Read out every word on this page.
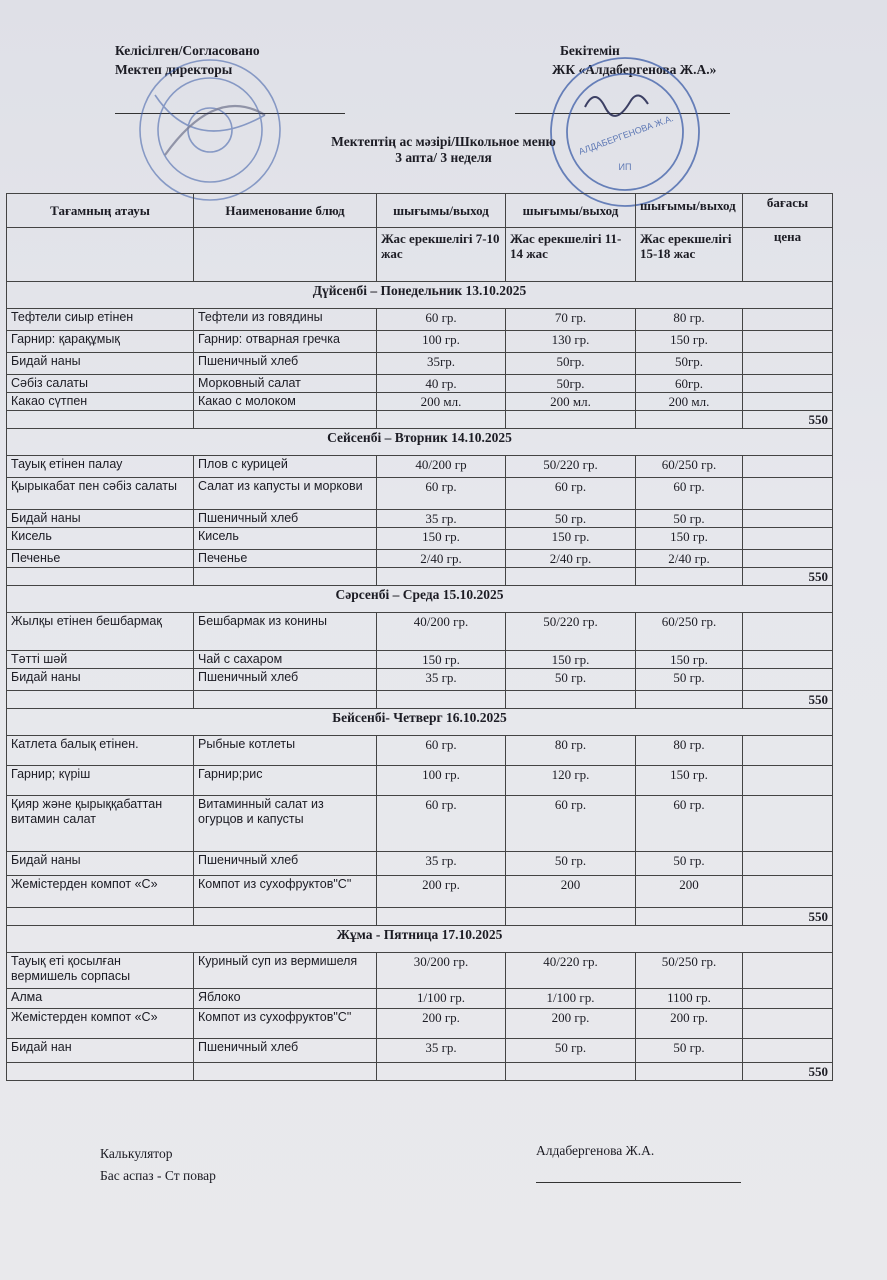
Келісілген/Согласовано
Мектеп директоры
Бекітемін
ЖК «Алдабергенова Ж.А.»
АЛДАБЕРГЕНОВА Ж.А.
ИП
Мектептің ас мәзірі/Школьное меню
3 апта/ 3 неделя
Тағамның атауы	Наименование блюд	шығымы/выход	шығымы/выход	шығымы/выход	бағасы
		Жас ерекшелігі 7-10 жас	Жас ерекшелігі 11-14 жас	Жас ерекшелігі 15-18 жас	цена
Дүйсенбі – Понедельник 13.10.2025					
Тефтели сиыр етінен	Тефтели из говядины	60 гр.	70 гр.	80 гр.	
Гарнир: қарақұмық	Гарнир: отварная гречка	100 гр.	130 гр.	150 гр.	
Бидай наны	Пшеничный хлеб	35гр.	50гр.	50гр.	
Сәбіз салаты	Морковный салат	40 гр.	50гр.	60гр.	
Какао сүтпен	Какао с молоком	200 мл.	200 мл.	200 мл.	
					550
Сейсенбі – Вторник 14.10.2025					
Тауық етінен палау	Плов с курицей	40/200 гр	50/220 гр.	60/250 гр.	
Қырыкабат пен сәбіз салаты	Салат из капусты и моркови	60 гр.	60 гр.	60 гр.	
Бидай наны	Пшеничный хлеб	35 гр.	50 гр.	50 гр.	
Кисель	Кисель	150 гр.	150 гр.	150 гр.	
Печенье	Печенье	2/40 гр.	2/40 гр.	2/40 гр.	
					550
Сәрсенбі – Среда 15.10.2025					
Жылқы етінен бешбармақ	Бешбармак из конины	40/200 гр.	50/220 гр.	60/250 гр.	
Тәтті шәй	Чай с сахаром	150 гр.	150 гр.	150 гр.	
Бидай наны	Пшеничный хлеб	35 гр.	50 гр.	50 гр.	
					550
Бейсенбі- Четверг 16.10.2025					
Катлета балық етінен.	Рыбные котлеты	60 гр.	80 гр.	80 гр.	
Гарнир; күріш	Гарнир;рис	100 гр.	120 гр.	150 гр.	
Қияр және қырыққабаттан витамин салат	Витаминный салат из огурцов и капусты	60 гр.	60 гр.	60 гр.	
Бидай наны	Пшеничный хлеб	35 гр.	50 гр.	50 гр.	
Жемістерден компот «С»	Компот из сухофруктов"С"	200 гр.	200	200	
					550
Жұма - Пятница 17.10.2025					
Тауық еті қосылған вермишель сорпасы	Куриный суп из вермишеля	30/200 гр.	40/220 гр.	50/250 гр.	
Алма	Яблоко	1/100 гр.	1/100 гр.	1100 гр.	
Жемістерден компот «С»	Компот из сухофруктов"С"	200 гр.	200 гр.	200 гр.	
Бидай нан	Пшеничный хлеб	35 гр.	50 гр.	50 гр.	
					550
Калькулятор
Бас аспаз - Ст повар
Алдабергенова Ж.А.
